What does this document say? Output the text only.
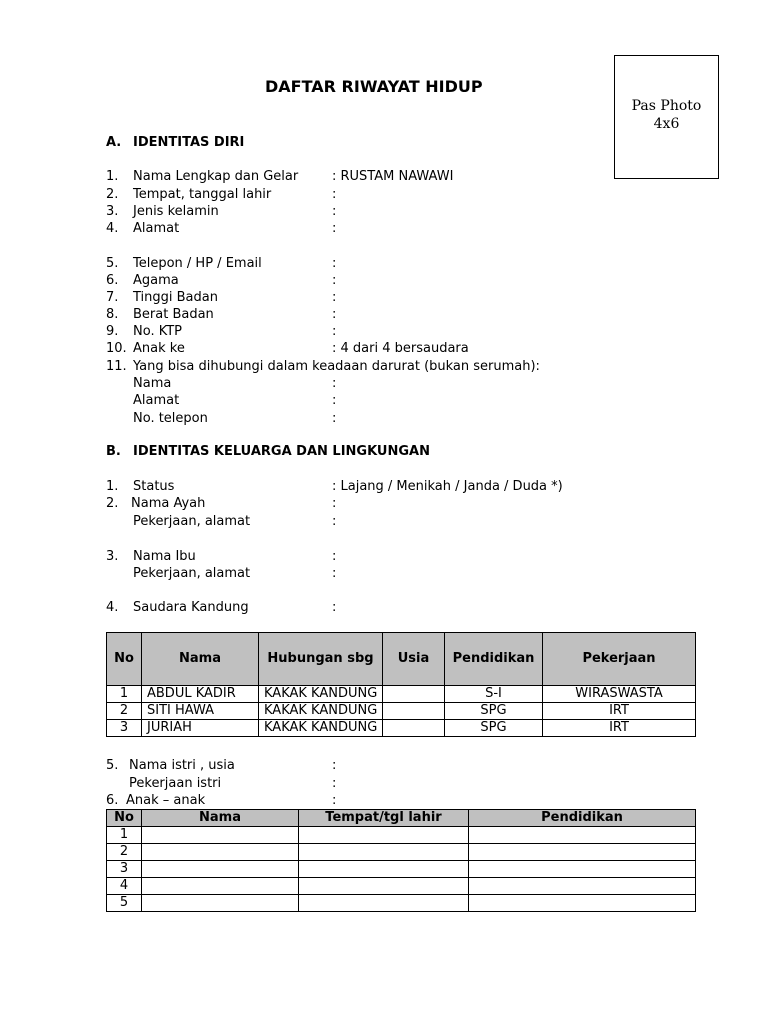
Pas Photo
4x6
DAFTAR RIWAYAT HIDUP
A. IDENTITAS DIRI
1. Nama Lengkap dan Gelar	: RUSTAM NAWAWI
2. Tempat, tanggal lahir	:
3. Jenis kelamin	:
4. Alamat	:
5. Telepon / HP / Email	:
6. Agama	:
7. Tinggi Badan	:
8. Berat Badan	:
9. No. KTP	:
10. Anak ke	: 4 dari 4 bersaudara
11. Yang bisa dihubungi dalam keadaan darurat (bukan serumah):
Nama	:
Alamat	:
No. telepon	:
B. IDENTITAS KELUARGA DAN LINGKUNGAN
1. Status	: Lajang / Menikah / Janda / Duda *)
2. Nama Ayah	:
Pekerjaan, alamat	:
3. Nama Ibu	:
Pekerjaan, alamat	:
4. Saudara Kandung	:
No	Nama	Hubungan sbg	Usia	Pendidikan	Pekerjaan
1	ABDUL KADIR	KAKAK KANDUNG		S-I	WIRASWASTA
2	SITI HAWA	KAKAK KANDUNG		SPG	IRT
3	JURIAH	KAKAK KANDUNG		SPG	IRT
5. Nama istri , usia	:
Pekerjaan istri	:
6. Anak – anak	:
No	Nama	Tempat/tgl lahir	Pendidikan
1			
2			
3			
4			
5			
